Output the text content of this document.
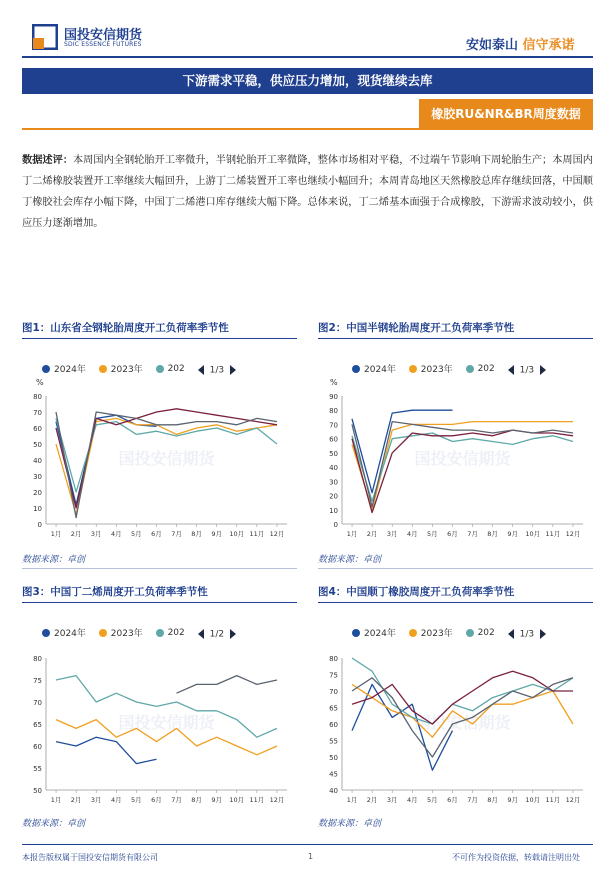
国投安信期货
SDIC ESSENCE FUTURES	安如泰山 信守承诺
下游需求平稳，供应压力增加，现货继续去库
橡胶RU&NR&BR周度数据
数据述评：本周国内全钢轮胎开工率微升，半钢轮胎开工率微降，整体市场相对平稳，不过端午节影响下周轮胎生产；本周国内丁二烯橡胶装置开工率继续大幅回升，上游丁二烯装置开工率也继续小幅回升；本周青岛地区天然橡胶总库存继续回落，中国顺丁橡胶社会库存小幅下降，中国丁二烯港口库存继续大幅下降。总体来说，丁二烯基本面强于合成橡胶，下游需求波动较小，供应压力逐渐增加。
图1：山东省全钢轮胎周度开工负荷率季节性
2024年
	2023年
	202	1/3
%
国投安信期货
0
10
20
30
40
50
60
70
80
1月 2月 3月 4月 5月 6月 7月 8月 9月 10月 11月 12月
数据来源：卓创
图2：中国半钢轮胎周度开工负荷率季节性
2024年
	2023年
	202	1/3
%
国投安信期货
0
10
20
30
40
50
60
70
80
90
1月 2月 3月 4月 5月 6月 7月 8月 9月 10月 11月 12月
数据来源：卓创
图3：中国丁二烯周度开工负荷率季节性
2024年
	2023年
	202	1/2
国投安信期货
50
55
60
65
70
75
80
1月 2月 3月 4月 5月 6月 7月 8月 9月 10月 11月 12月
数据来源：卓创
图4：中国顺丁橡胶周度开工负荷率季节性
2024年
	2023年
	202	1/3
国投安信期货
40
45
50
55
60
65
70
75
80
1月 2月 3月 4月 5月 6月 7月 8月 9月 10月 11月 12月
数据来源：卓创
本报告版权属于国投安信期货有限公司	1	不可作为投资依据，转载请注明出处
